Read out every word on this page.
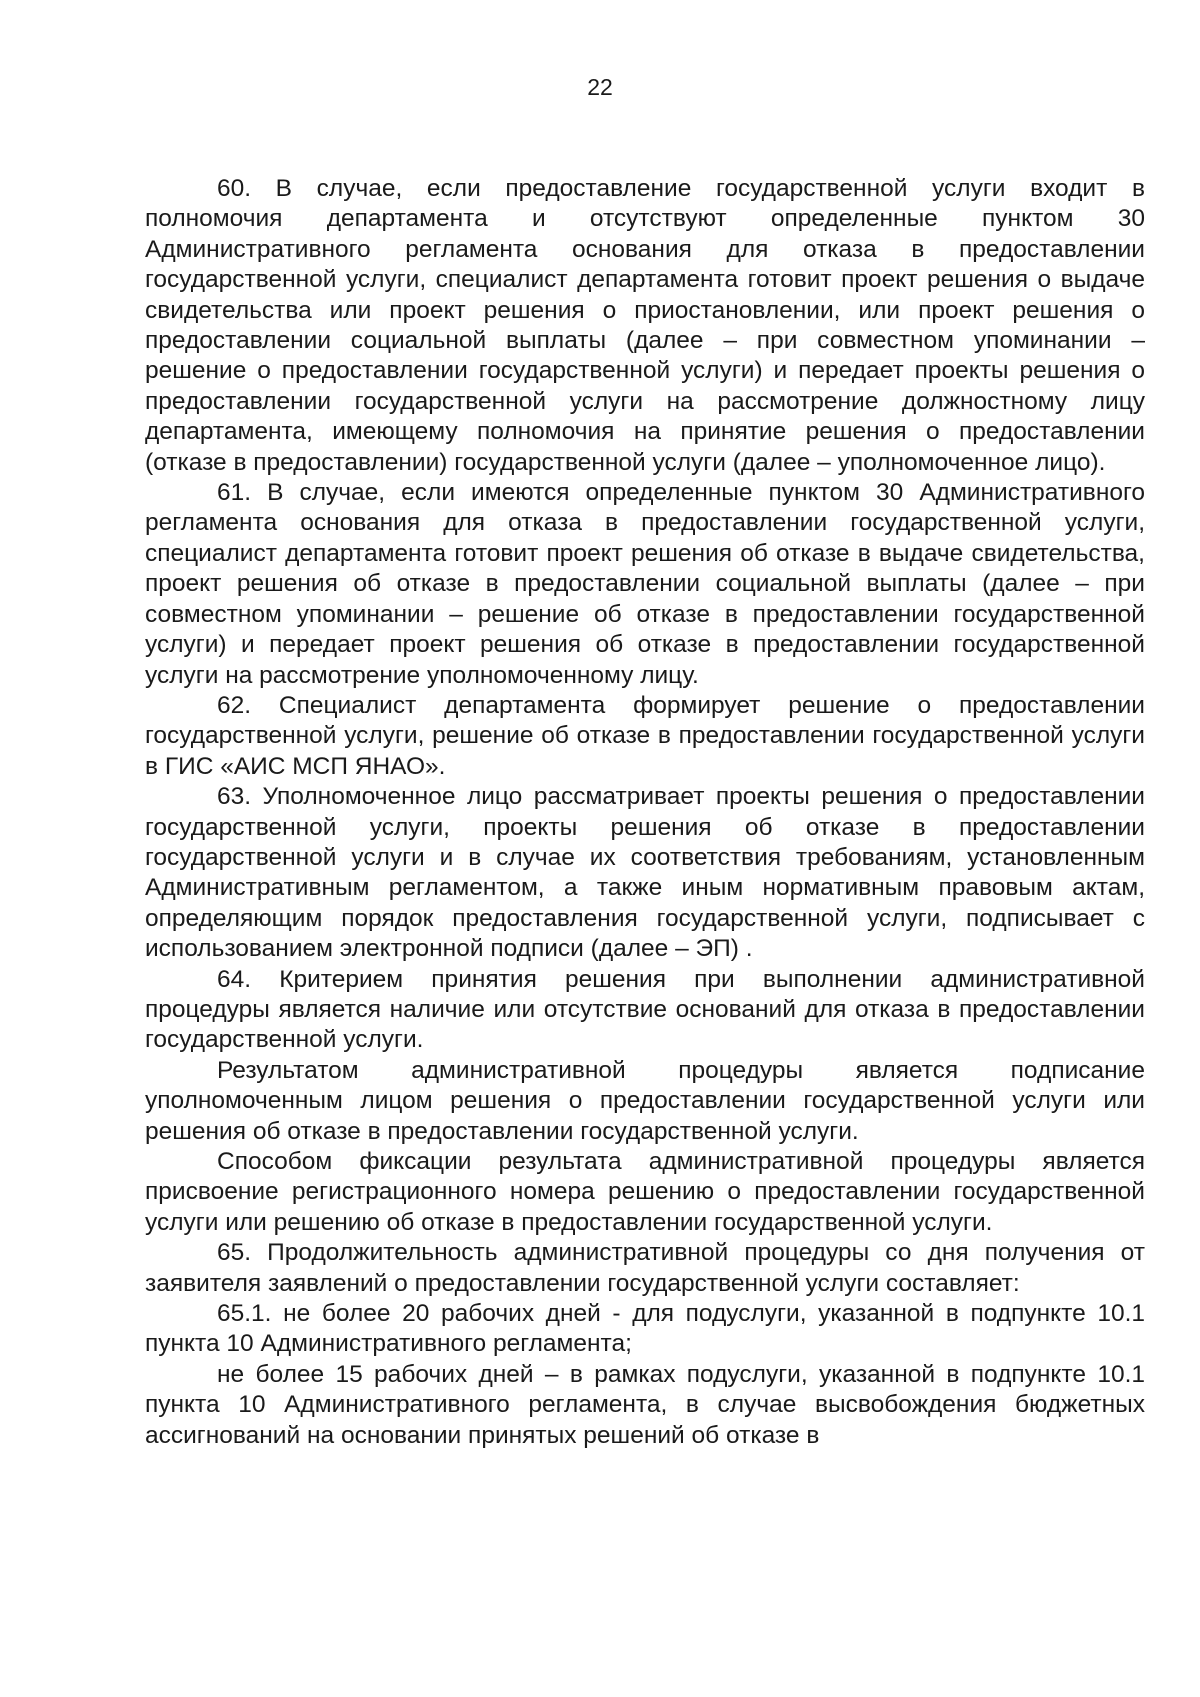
22

60. В случае, если предоставление государственной услуги входит в полномочия департамента и отсутствуют определенные пунктом 30 Административного регламента основания для отказа в предоставлении государственной услуги, специалист департамента готовит проект решения о выдаче свидетельства или проект решения о приостановлении, или проект решения о предоставлении социальной выплаты (далее – при совместном упоминании – решение о предоставлении государственной услуги) и передает проекты решения о предоставлении государственной услуги на рассмотрение должностному лицу департамента, имеющему полномочия на принятие решения о предоставлении (отказе в предоставлении) государственной услуги (далее – уполномоченное лицо).

61. В случае, если имеются определенные пунктом 30 Административного регламента основания для отказа в предоставлении государственной услуги, специалист департамента готовит проект решения об отказе в выдаче свидетельства, проект решения об отказе в предоставлении социальной выплаты (далее – при совместном упоминании – решение об отказе в предоставлении государственной услуги) и передает проект решения об отказе в предоставлении государственной услуги на рассмотрение уполномоченному лицу.

62. Специалист департамента формирует решение о предоставлении государственной услуги, решение об отказе в предоставлении государственной услуги в ГИС «АИС МСП ЯНАО».

63. Уполномоченное лицо рассматривает проекты решения о предоставлении государственной услуги, проекты решения об отказе в предоставлении государственной услуги и в случае их соответствия требованиям, установленным Административным регламентом, а также иным нормативным правовым актам, определяющим порядок предоставления государственной услуги, подписывает с использованием электронной подписи (далее – ЭП) .

64. Критерием принятия решения при выполнении административной процедуры является наличие или отсутствие оснований для отказа в предоставлении государственной услуги.

Результатом административной процедуры является подписание уполномоченным лицом решения о предоставлении государственной услуги или решения об отказе в предоставлении государственной услуги.

Способом фиксации результата административной процедуры является присвоение регистрационного номера решению о предоставлении государственной услуги или решению об отказе в предоставлении государственной услуги.

65. Продолжительность административной процедуры со дня получения от заявителя заявлений о предоставлении государственной услуги составляет:

65.1. не более 20 рабочих дней - для подуслуги, указанной в подпункте 10.1 пункта 10 Административного регламента;

не более 15 рабочих дней – в рамках подуслуги, указанной в подпункте 10.1 пункта 10 Административного регламента, в случае высвобождения бюджетных ассигнований на основании принятых решений об отказе в
